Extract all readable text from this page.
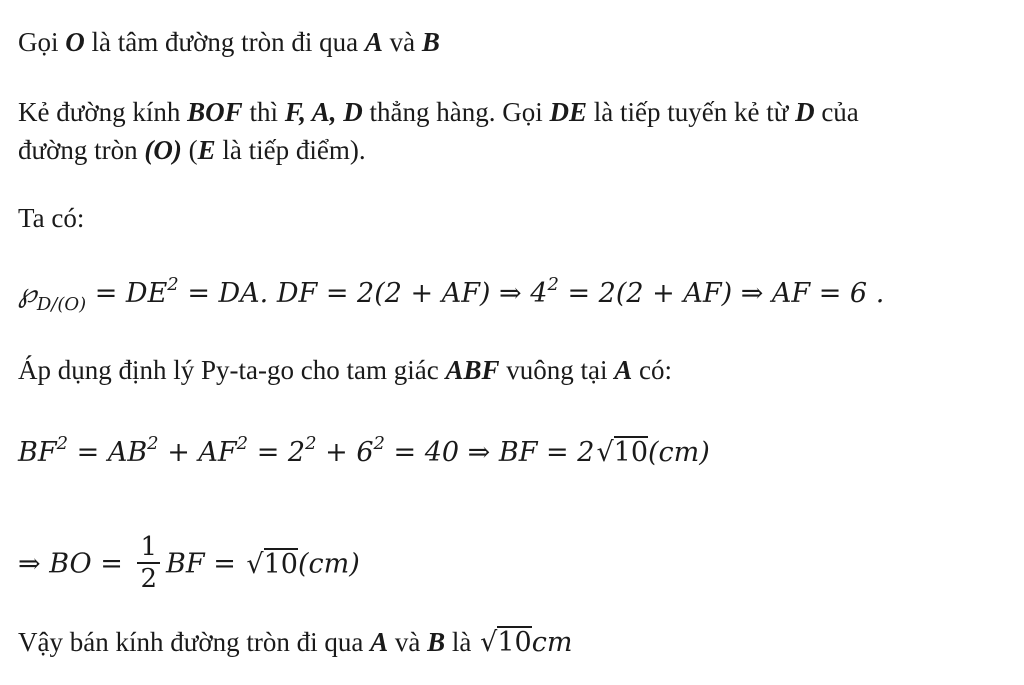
Gọi O là tâm đường tròn đi qua A và B
Kẻ đường kính BOF thì F, A, D thẳng hàng. Gọi DE là tiếp tuyến kẻ từ D của
đường tròn (O) (E là tiếp điểm).
Ta có:
$℘_{D/(O)} = DE^2$ = DA. DF = 2(2 + AF) ⇒ $4^2 = 2(2 + AF)$ ⇒ AF = 6 .
Áp dụng định lý Py-ta-go cho tam giác ABF vuông tại A có:
$BF^2 = AB^2 + AF^2 = 2^2 + 6^2 = 40$ ⇒ BF = 2√10(cm)
⇒ BO = $\frac{1}{2}$ BF = √10(cm)
Vậy bán kính đường tròn đi qua A và B là √10cm
